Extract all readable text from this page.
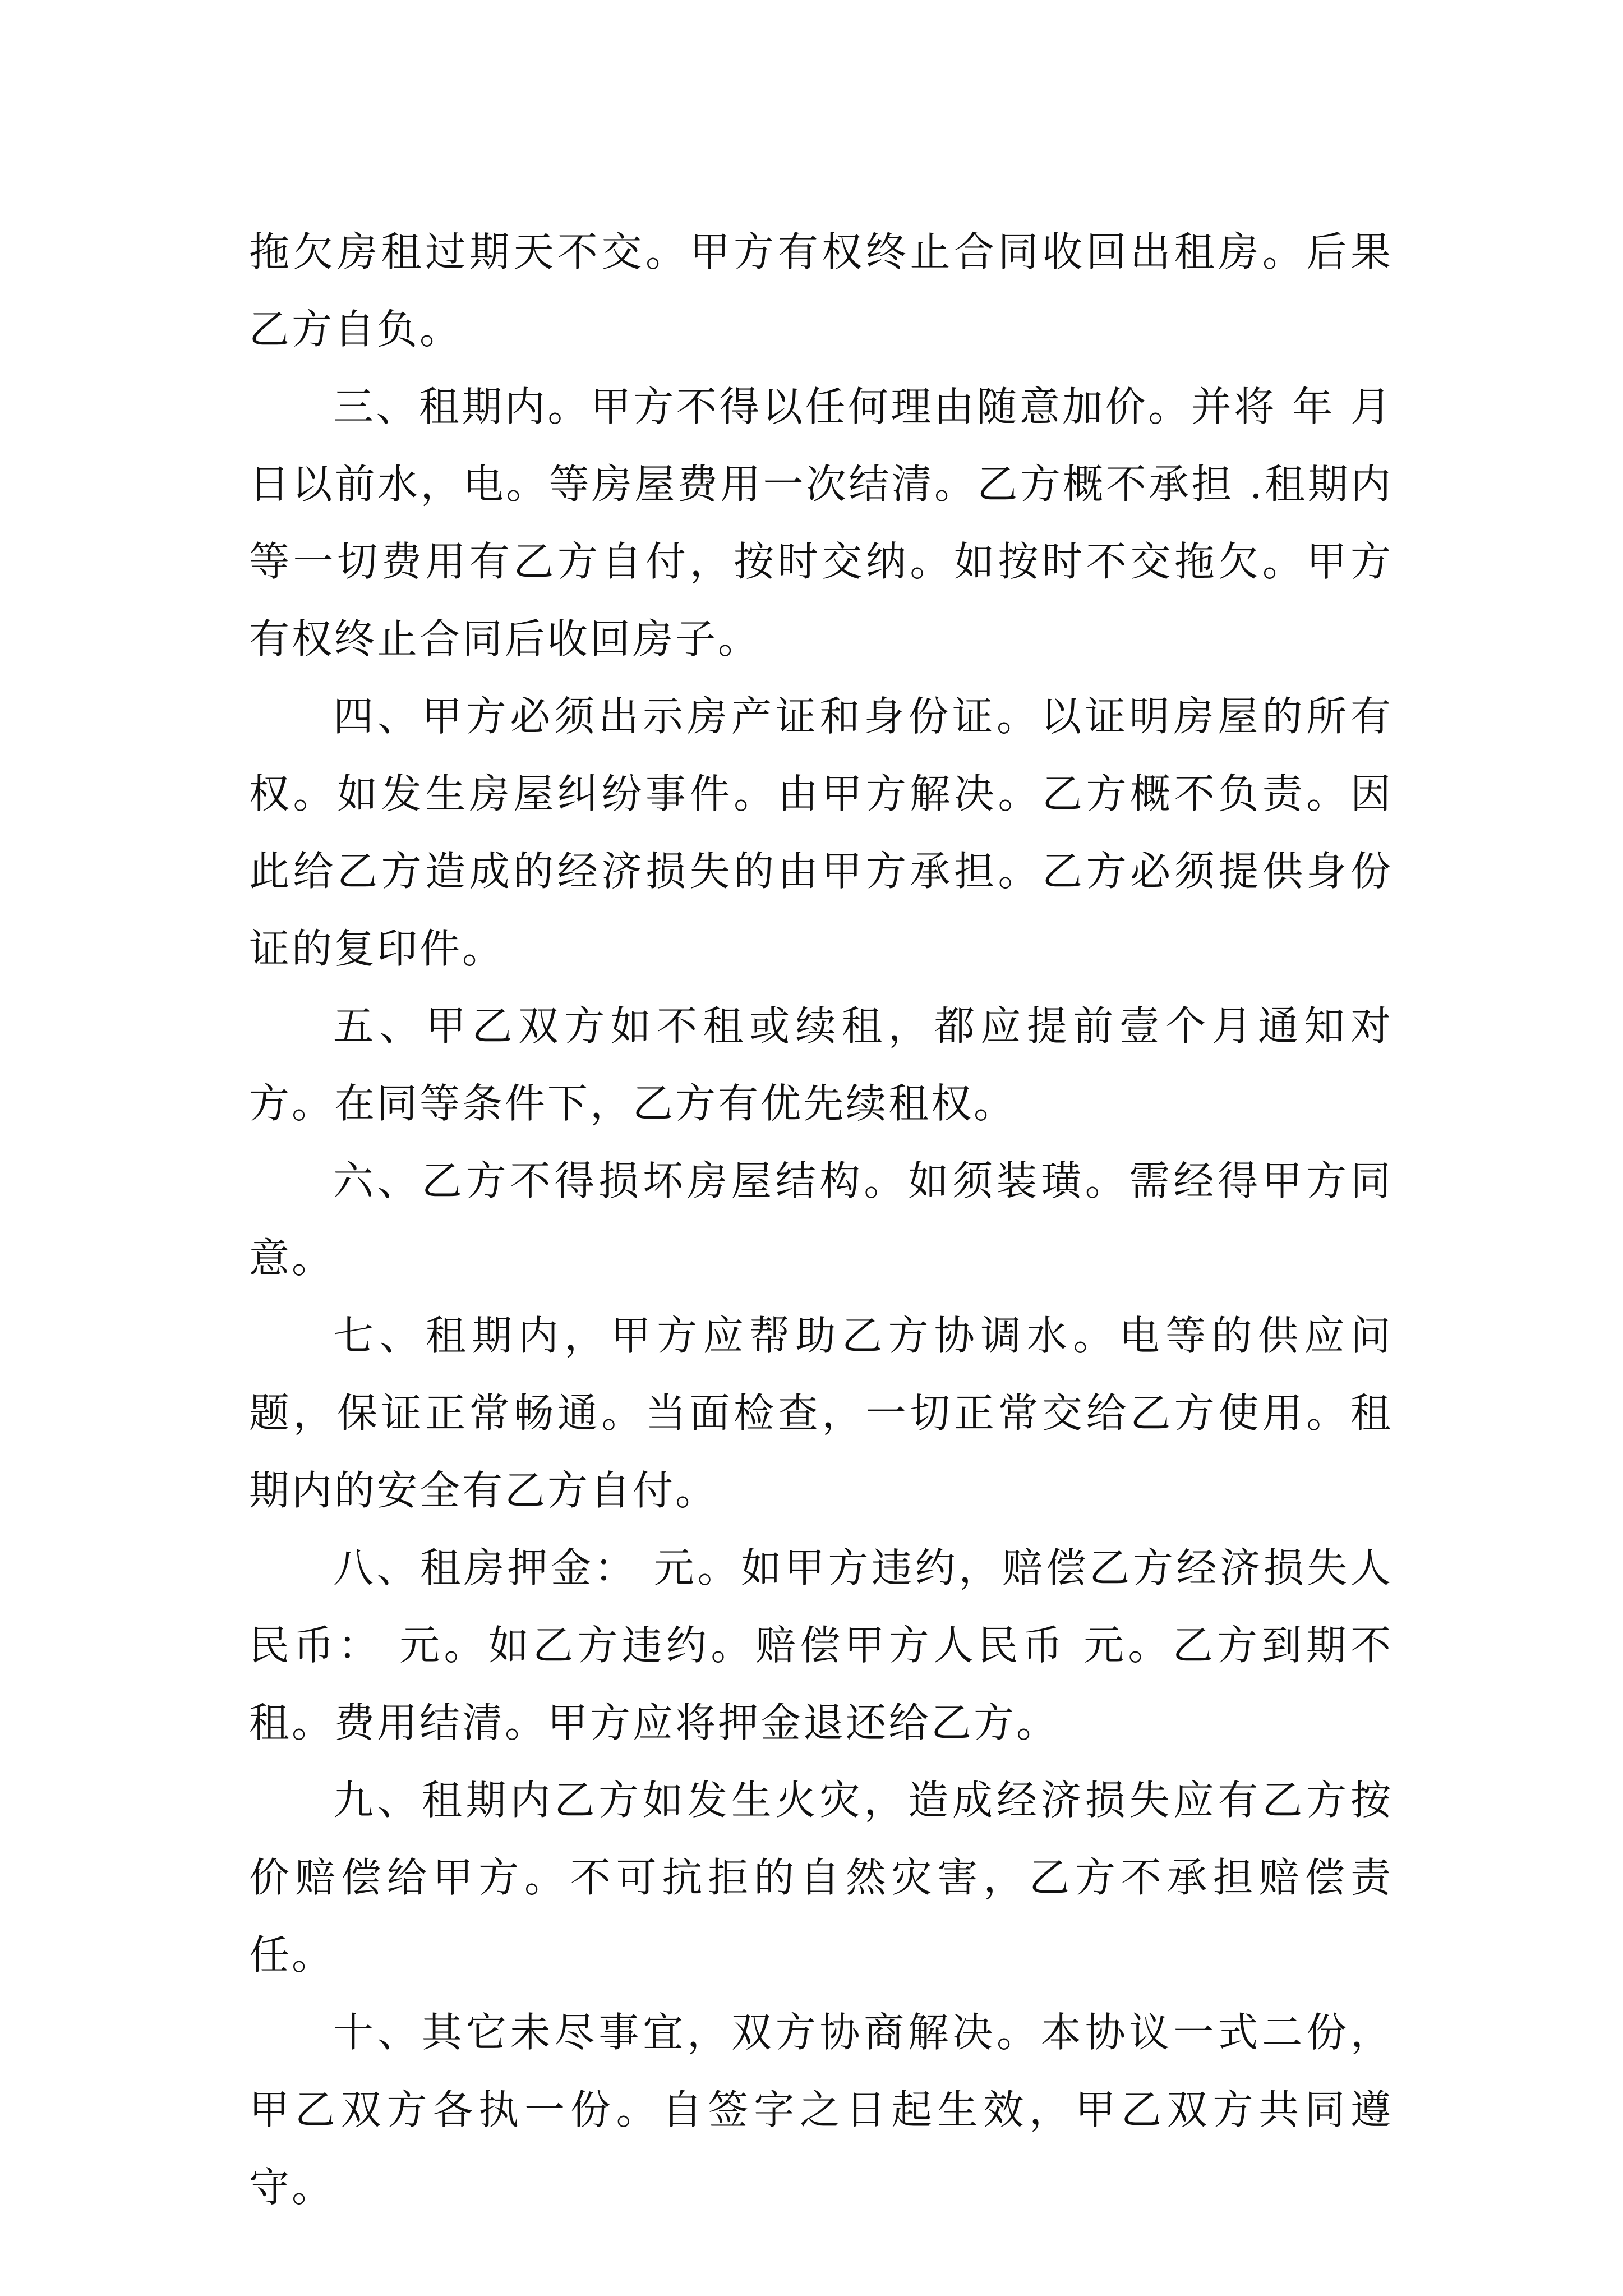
拖欠房租过期天不交。甲方有权终止合同收回出租房。后果乙方自负。

三、租期内。甲方不得以任何理由随意加价。并将 年 月 日以前水，电。等房屋费用一次结清。乙方概不承担 .租期内等一切费用有乙方自付，按时交纳。如按时不交拖欠。甲方有权终止合同后收回房子。

四、甲方必须出示房产证和身份证。以证明房屋的所有权。如发生房屋纠纷事件。由甲方解决。乙方概不负责。因此给乙方造成的经济损失的由甲方承担。乙方必须提供身份证的复印件。

五、甲乙双方如不租或续租，都应提前壹个月通知对方。在同等条件下，乙方有优先续租权。

六、乙方不得损坏房屋结构。如须装璜。需经得甲方同意。

七、租期内，甲方应帮助乙方协调水。电等的供应问题，保证正常畅通。当面检查，一切正常交给乙方使用。租期内的安全有乙方自付。

八、租房押金： 元。如甲方违约，赔偿乙方经济损失人民币： 元。如乙方违约。赔偿甲方人民币 元。乙方到期不租。费用结清。甲方应将押金退还给乙方。

九、租期内乙方如发生火灾，造成经济损失应有乙方按价赔偿给甲方。不可抗拒的自然灾害，乙方不承担赔偿责任。

十、其它未尽事宜，双方协商解决。本协议一式二份，甲乙双方各执一份。自签字之日起生效，甲乙双方共同遵守。
